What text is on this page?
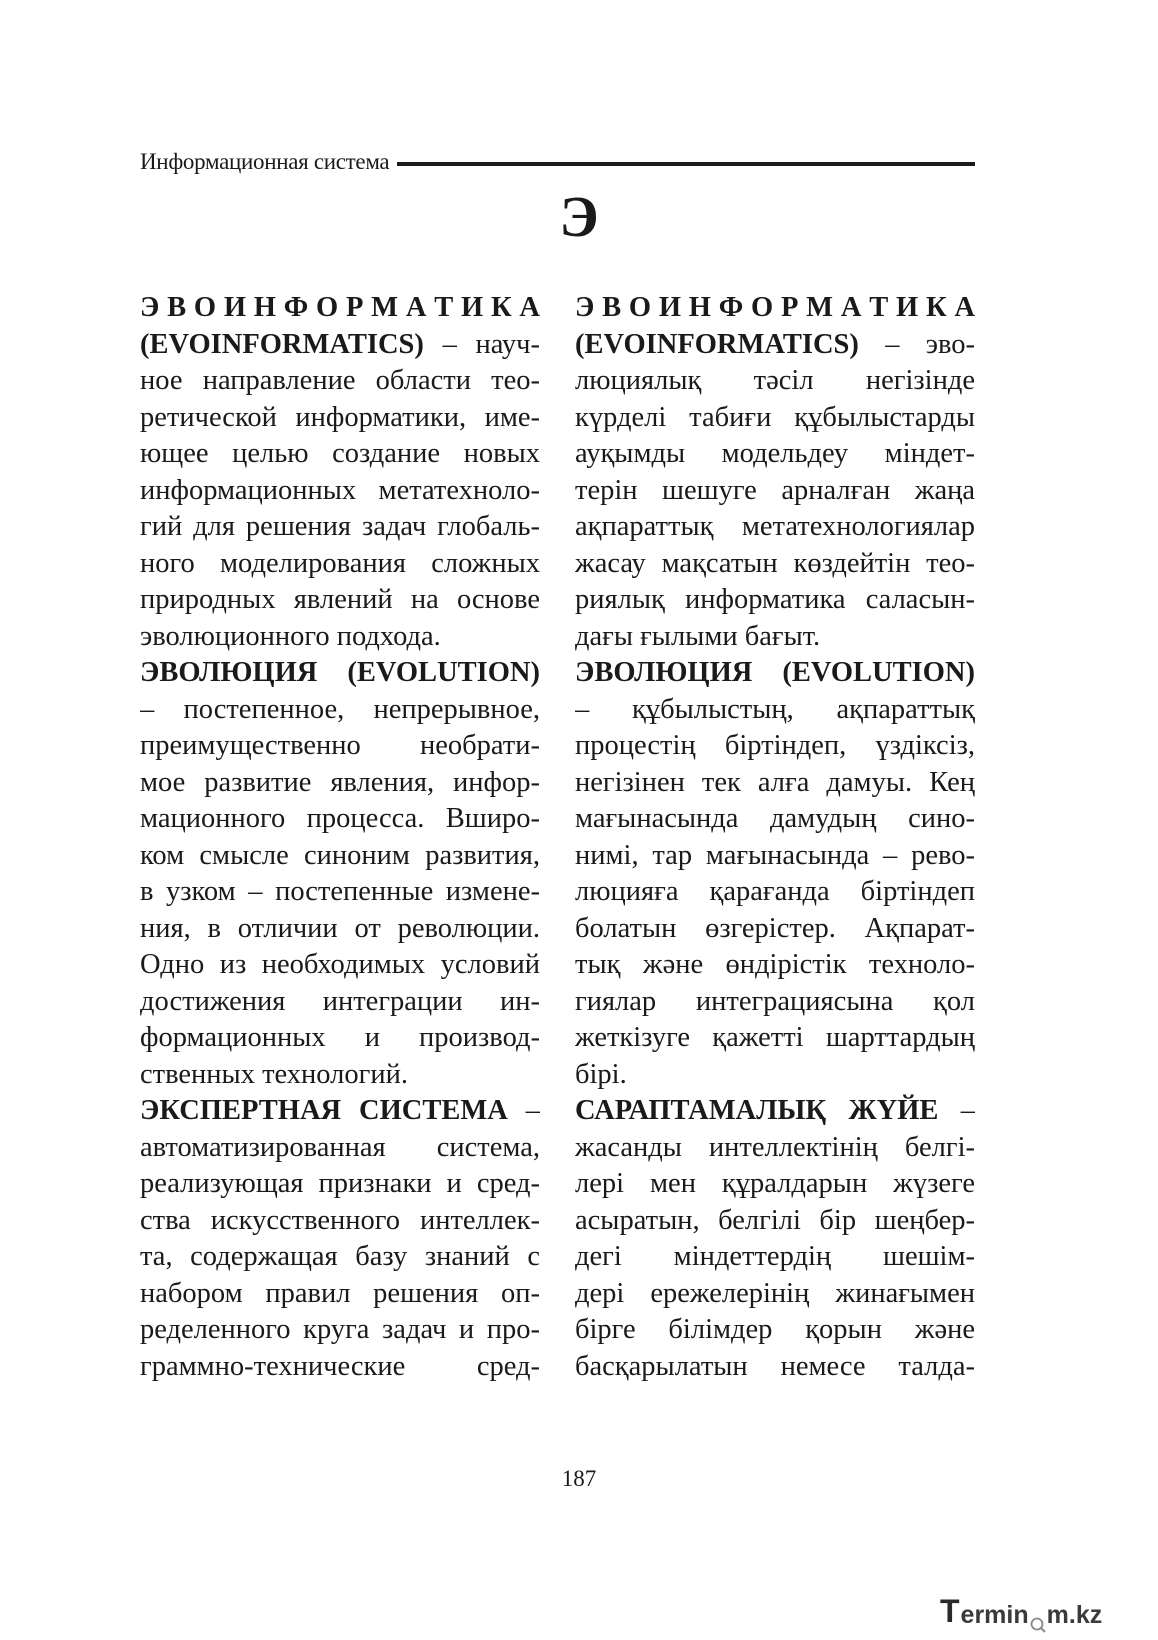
Информационная система
Э
Э В О И Н Ф О Р М А Т И К А
(EVOINFORMATICS) – науч-
ное направление области тео-
ретической информатики, име-
ющее целью создание новых
информационных метатехноло-
гий для решения задач глобаль-
ного моделирования сложных
природных явлений на основе
эволюционного подхода.
ЭВОЛЮЦИЯ (EVOLUTION)
– постепенное, непрерывное,
преимущественно необрати-
мое развитие явления, инфор-
мационного процесса. Вширо-
ком смысле синоним развития,
в узком – постепенные измене-
ния, в отличии от революции.
Одно из необходимых условий
достижения интеграции ин-
формационных и производ-
ственных технологий.
ЭКСПЕРТНАЯ СИСТЕМА –
автоматизированная система,
реализующая признаки и сред-
ства искусственного интеллек-
та, содержащая базу знаний с
набором правил решения оп-
ределенного круга задач и про-
граммно-технические сред-
Э В О И Н Ф О Р М А Т И К А
(EVOINFORMATICS) – эво-
люциялық тәсіл негізінде
күрделі табиғи құбылыстарды
ауқымды модельдеу міндет-
терін шешуге арналған жаңа
ақпараттық метатехнологиялар
жасау мақсатын көздейтін тео-
риялық информатика саласын-
дағы ғылыми бағыт.
ЭВОЛЮЦИЯ (EVOLUTION)
– құбылыстың, ақпараттық
процестің біртіндеп, үздіксіз,
негізінен тек алға дамуы. Кең
мағынасында дамудың сино-
нимі, тар мағынасында – рево-
люцияға қарағанда біртіндеп
болатын өзгерістер. Ақпарат-
тық және өндірістік техноло-
гиялар интеграциясына қол
жеткізуге қажетті шарттардың
бірі.
САРАПТАМАЛЫҚ ЖҮЙЕ –
жасанды интеллектінің белгі-
лері мен құралдарын жүзеге
асыратын, белгілі бір шеңбер-
дегі міндеттердің шешім-
дері ережелерінің жинағымен
бірге білімдер қорын және
басқарылатын немесе талда-
187
T ermin m.kz
